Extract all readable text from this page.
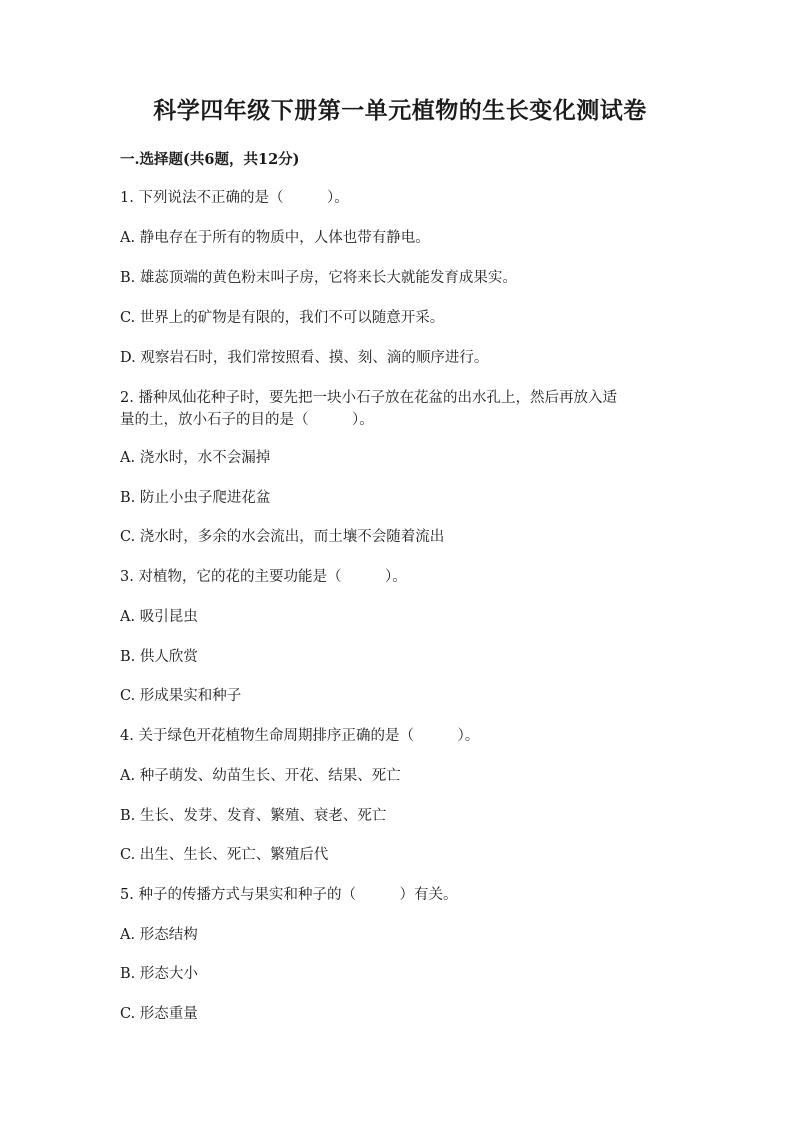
科学四年级下册第一单元植物的生长变化测试卷
一.选择题(共6题，共12分)
1. 下列说法不正确的是（　　　）。
A. 静电存在于所有的物质中，人体也带有静电。
B. 雄蕊顶端的黄色粉末叫子房，它将来长大就能发育成果实。
C. 世界上的矿物是有限的，我们不可以随意开采。
D. 观察岩石时，我们常按照看、摸、刻、滴的顺序进行。
2. 播种凤仙花种子时，要先把一块小石子放在花盆的出水孔上，然后再放入适
量的土，放小石子的目的是（　　　）。
A. 浇水时，水不会漏掉
B. 防止小虫子爬进花盆
C. 浇水时，多余的水会流出，而土壤不会随着流出
3. 对植物，它的花的主要功能是（　　　）。
A. 吸引昆虫
B. 供人欣赏
C. 形成果实和种子
4. 关于绿色开花植物生命周期排序正确的是（　　　）。
A. 种子萌发、幼苗生长、开花、结果、死亡
B. 生长、发芽、发育、繁殖、衰老、死亡
C. 出生、生长、死亡、繁殖后代
5. 种子的传播方式与果实和种子的（　　　）有关。
A. 形态结构
B. 形态大小
C. 形态重量
